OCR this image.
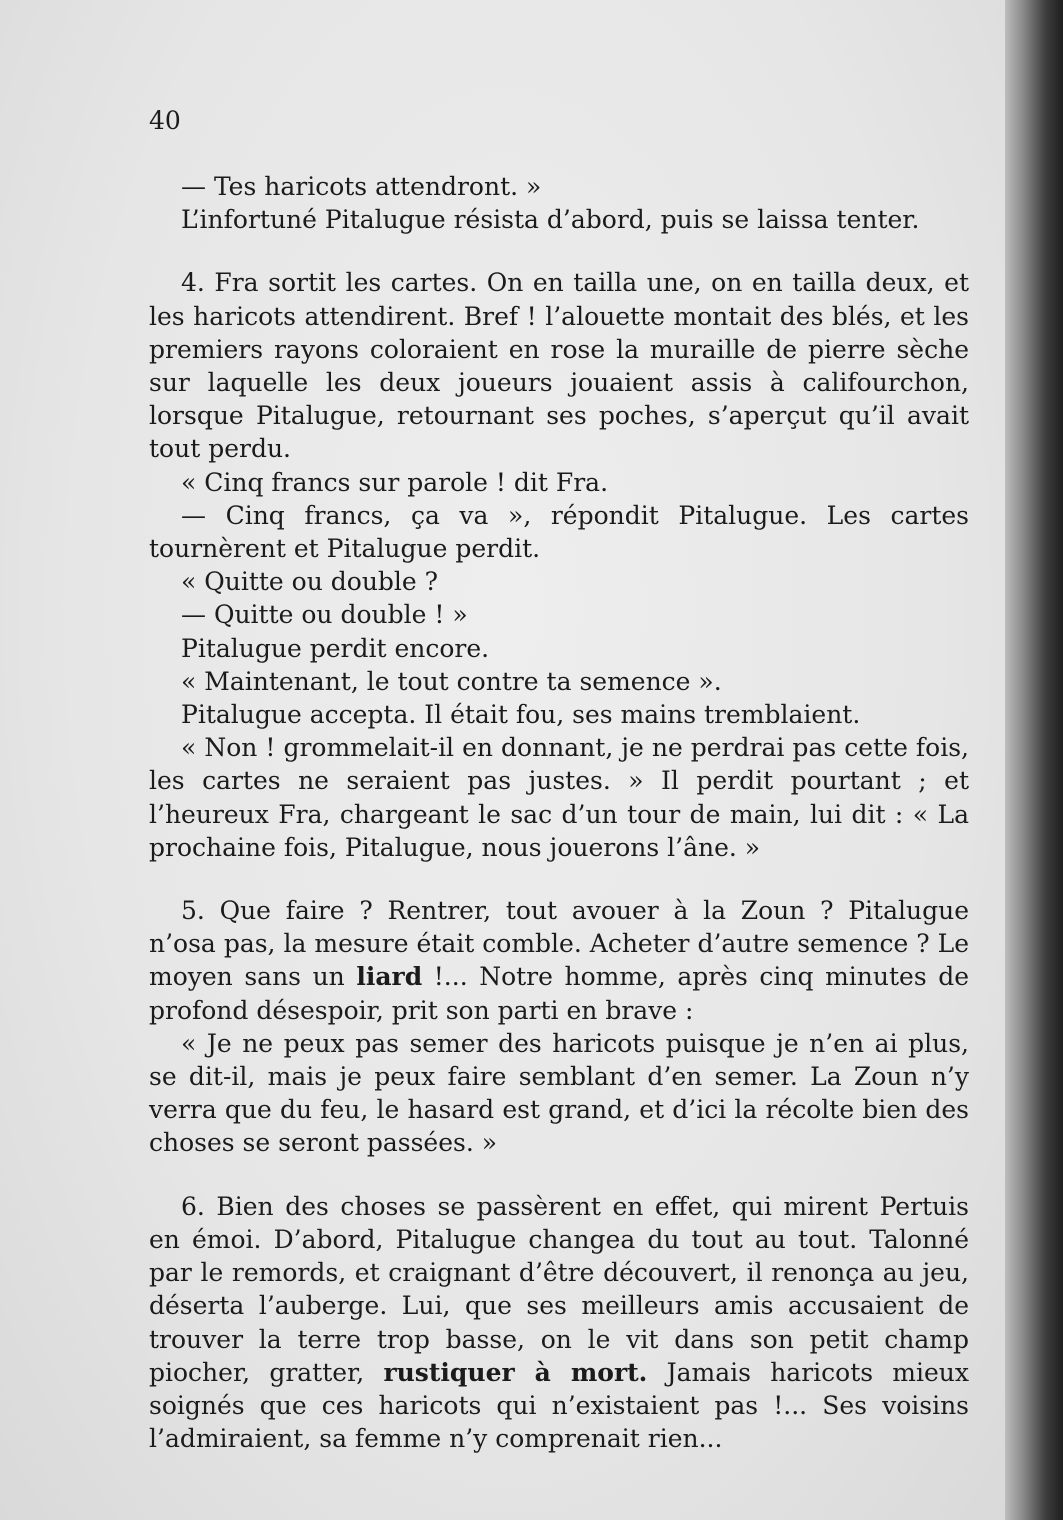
40

— Tes haricots attendront. »

L’infortuné Pitalugue résista d’abord, puis se laissa tenter.

4. Fra sortit les cartes. On en tailla une, on en tailla deux, et les haricots attendirent. Bref ! l’alouette montait des blés, et les premiers rayons coloraient en rose la muraille de pierre sèche sur laquelle les deux joueurs jouaient assis à califourchon, lorsque Pitalugue, retournant ses poches, s’aperçut qu’il avait tout perdu.

« Cinq francs sur parole ! dit Fra.

— Cinq francs, ça va », répondit Pitalugue. Les cartes tournèrent et Pitalugue perdit.

« Quitte ou double ?

— Quitte ou double ! »

Pitalugue perdit encore.

« Maintenant, le tout contre ta semence ».

Pitalugue accepta. Il était fou, ses mains tremblaient.

« Non ! grommelait-il en donnant, je ne perdrai pas cette fois, les cartes ne seraient pas justes. » Il perdit pourtant ; et l’heureux Fra, chargeant le sac d’un tour de main, lui dit : « La prochaine fois, Pitalugue, nous jouerons l’âne. »

5. Que faire ? Rentrer, tout avouer à la Zoun ? Pitalugue n’osa pas, la mesure était comble. Acheter d’autre semence ? Le moyen sans un liard !... Notre homme, après cinq minutes de profond désespoir, prit son parti en brave :

« Je ne peux pas semer des haricots puisque je n’en ai plus, se dit-il, mais je peux faire semblant d’en semer. La Zoun n’y verra que du feu, le hasard est grand, et d’ici la récolte bien des choses se seront passées. »

6. Bien des choses se passèrent en effet, qui mirent Pertuis en émoi. D’abord, Pitalugue changea du tout au tout. Talonné par le remords, et craignant d’être découvert, il renonça au jeu, déserta l’auberge. Lui, que ses meilleurs amis accusaient de trouver la terre trop basse, on le vit dans son petit champ piocher, gratter, rustiquer à mort. Jamais haricots mieux soignés que ces haricots qui n’existaient pas !... Ses voisins l’admiraient, sa femme n’y comprenait rien...
